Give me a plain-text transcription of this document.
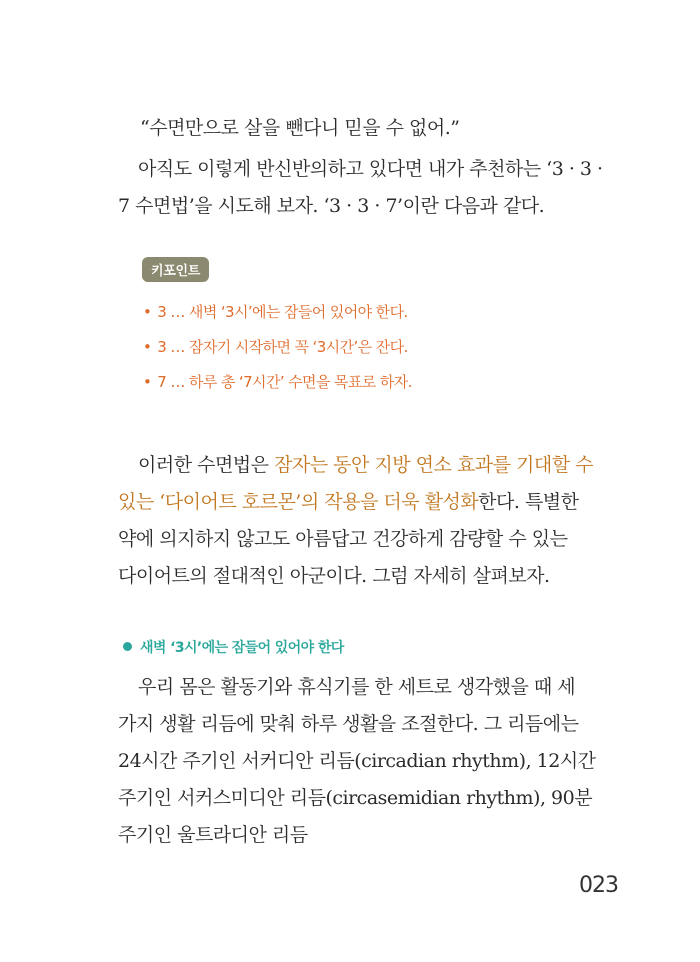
“수면만으로 살을 뺀다니 믿을 수 없어.”

아직도 이렇게 반신반의하고 있다면 내가 추천하는 ‘3 · 3 · 7 수면법’을 시도해 보자. ‘3 · 3 · 7’이란 다음과 같다.

키포인트
• 3 … 새벽 ‘3시’에는 잠들어 있어야 한다.
• 3 … 잠자기 시작하면 꼭 ‘3시간’은 잔다.
• 7 … 하루 총 ‘7시간’ 수면을 목표로 하자.

이러한 수면법은 잠자는 동안 지방 연소 효과를 기대할 수 있는 ‘다이어트 호르몬’의 작용을 더욱 활성화한다. 특별한 약에 의지하지 않고도 아름답고 건강하게 감량할 수 있는 다이어트의 절대적인 아군이다. 그럼 자세히 살펴보자.

새벽 ‘3시’에는 잠들어 있어야 한다

우리 몸은 활동기와 휴식기를 한 세트로 생각했을 때 세 가지 생활 리듬에 맞춰 하루 생활을 조절한다. 그 리듬에는 24시간 주기인 서커디안 리듬(circadian rhythm), 12시간 주기인 서커스미디안 리듬(circasemidian rhythm), 90분 주기인 울트라디안 리듬

023
